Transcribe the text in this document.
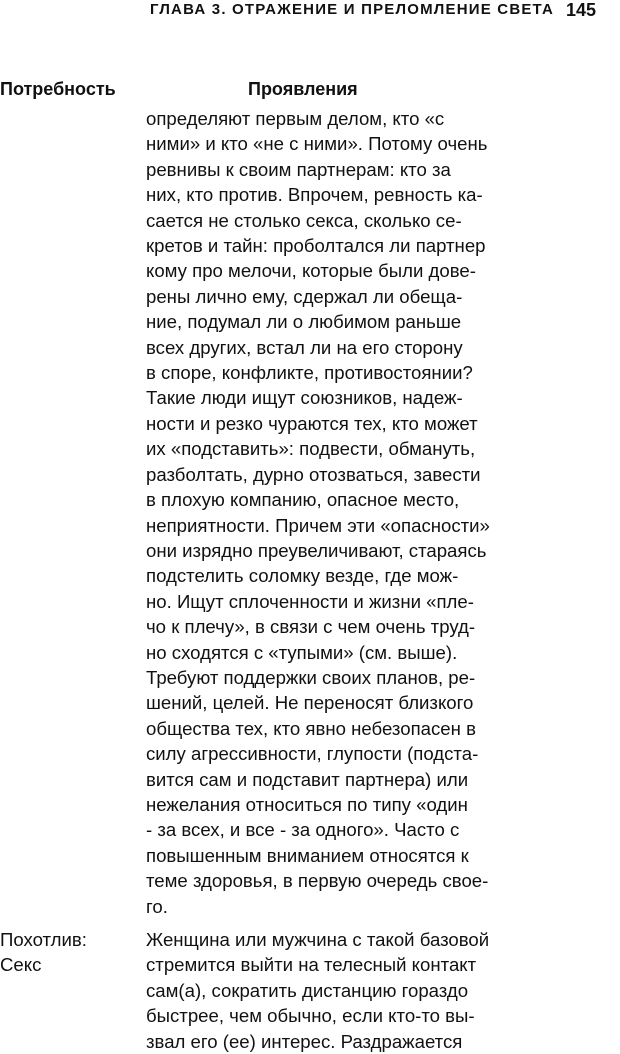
ГЛАВА 3. ОТРАЖЕНИЕ И ПРЕЛОМЛЕНИЕ СВЕТА 145
Потребность	Проявления
определяют первым делом, кто «с
ними» и кто «не с ними». Потому очень
ревнивы к своим партнерам: кто за
них, кто против. Впрочем, ревность ка-
сается не столько секса, сколько се-
кретов и тайн: проболтался ли партнер
кому про мелочи, которые были дове-
рены лично ему, сдержал ли обеща-
ние, подумал ли о любимом раньше
всех других, встал ли на его сторону
в споре, конфликте, противостоянии?
Такие люди ищут союзников, надеж-
ности и резко чураются тех, кто может
их «подставить»: подвести, обмануть,
разболтать, дурно отозваться, завести
в плохую компанию, опасное место,
неприятности. Причем эти «опасности»
они изрядно преувеличивают, стараясь
подстелить соломку везде, где мож-
но. Ищут сплоченности и жизни «пле-
чо к плечу», в связи с чем очень труд-
но сходятся с «тупыми» (см. выше).
Требуют поддержки своих планов, ре-
шений, целей. Не переносят близкого
общества тех, кто явно небезопасен в
силу агрессивности, глупости (подста-
вится сам и подставит партнера) или
нежелания относиться по типу «один
- за всех, и все - за одного». Часто с
повышенным вниманием относятся к
теме здоровья, в первую очередь свое-
го.
Похотлив:
Секс
Женщина или мужчина с такой базовой
стремится выйти на телесный контакт
сам(а), сократить дистанцию гораздо
быстрее, чем обычно, если кто-то вы-
звал его (ее) интерес. Раздражается
